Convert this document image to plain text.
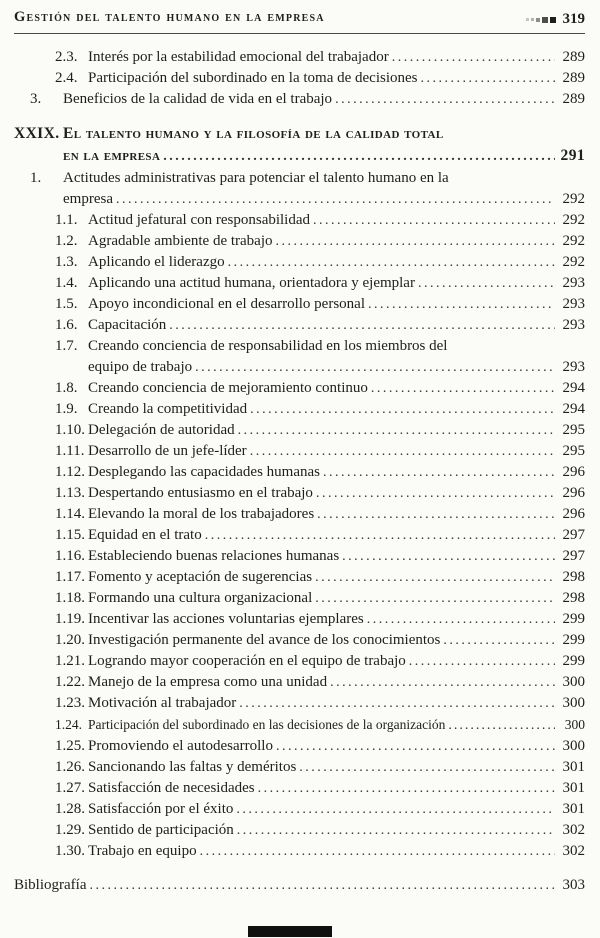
Gestión del talento humano en la empresa	319
2.3. Interés por la estabilidad emocional del trabajador .....	289
2.4. Participación del subordinado en la toma de decisiones .....	289
3.	Beneficios de la calidad de vida en el trabajo .....	289
XXIX. El talento humano y la filosofía de la calidad total
en la empresa .....	291
1.	Actitudes administrativas para potenciar el talento humano en la
empresa .....	292
1.1. Actitud jefatural con responsabilidad .....	292
1.2. Agradable ambiente de trabajo .....	292
1.3. Aplicando el liderazgo .....	292
1.4. Aplicando una actitud humana, orientadora y ejemplar .....	293
1.5. Apoyo incondicional en el desarrollo personal .....	293
1.6. Capacitación .....	293
1.7. Creando conciencia de responsabilidad en los miembros del
equipo de trabajo .....	293
1.8. Creando conciencia de mejoramiento continuo .....	294
1.9. Creando la competitividad .....	294
1.10. Delegación de autoridad .....	295
1.11. Desarrollo de un jefe-líder .....	295
1.12. Desplegando las capacidades humanas .....	296
1.13. Despertando entusiasmo en el trabajo .....	296
1.14. Elevando la moral de los trabajadores .....	296
1.15. Equidad en el trato .....	297
1.16. Estableciendo buenas relaciones humanas .....	297
1.17. Fomento y aceptación de sugerencias .....	298
1.18. Formando una cultura organizacional .....	298
1.19. Incentivar las acciones voluntarias ejemplares .....	299
1.20. Investigación permanente del avance de los conocimientos .....	299
1.21. Logrando mayor cooperación en el equipo de trabajo .....	299
1.22. Manejo de la empresa como una unidad .....	300
1.23. Motivación al trabajador .....	300
1.24. Participación del subordinado en las decisiones de la organización .....	300
1.25. Promoviendo el autodesarrollo .....	300
1.26. Sancionando las faltas y deméritos .....	301
1.27. Satisfacción de necesidades .....	301
1.28. Satisfacción por el éxito .....	301
1.29. Sentido de participación .....	302
1.30. Trabajo en equipo .....	302
Bibliografía .....	303
